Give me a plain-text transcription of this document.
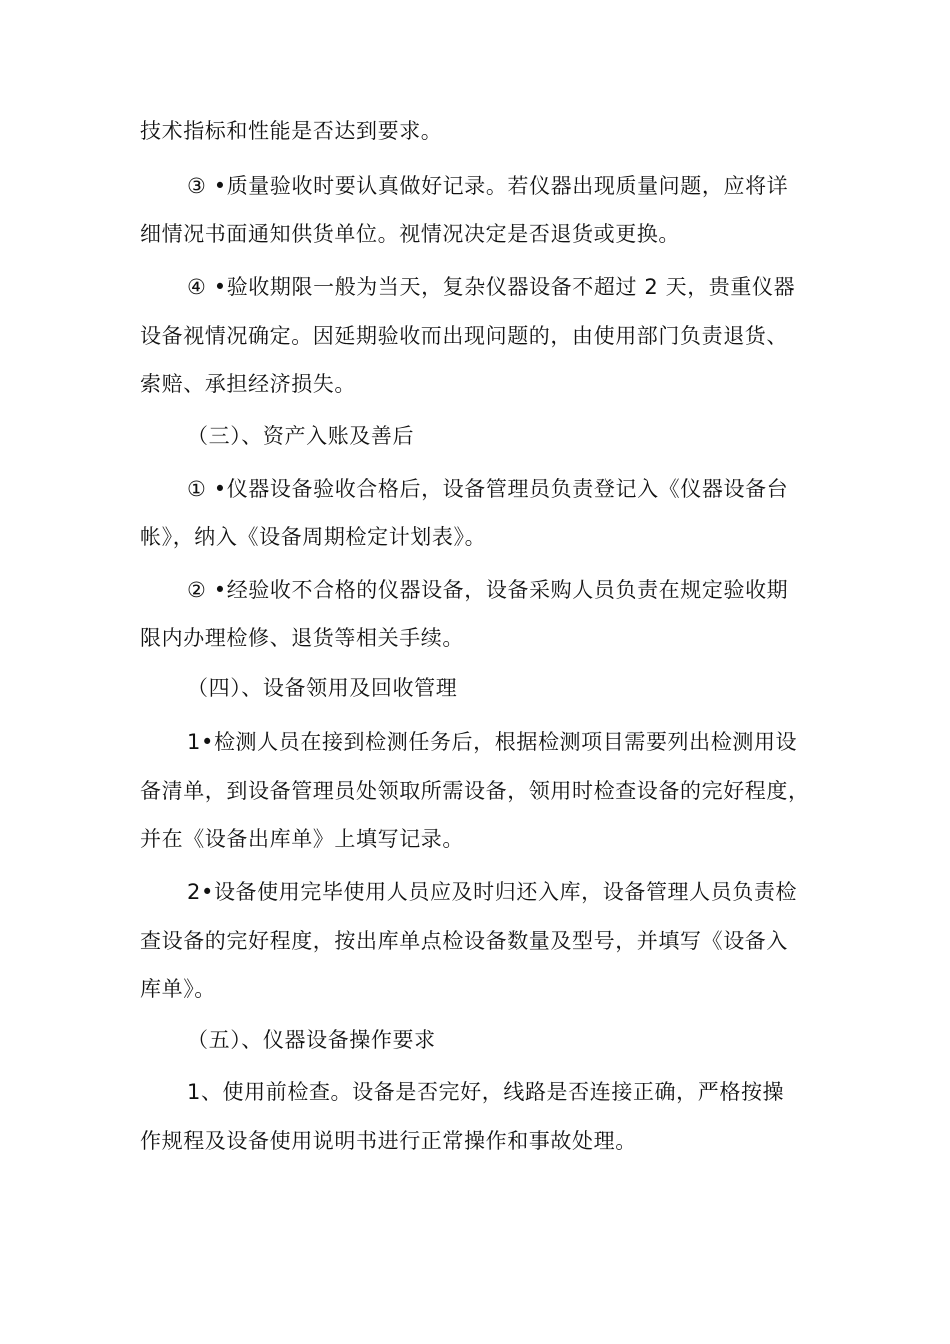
技术指标和性能是否达到要求。
③ •质量验收时要认真做好记录。若仪器出现质量问题，应将详
细情况书面通知供货单位。视情况决定是否退货或更换。
④ •验收期限一般为当天，复杂仪器设备不超过 2 天，贵重仪器
设备视情况确定。因延期验收而出现问题的，由使用部门负责退货、
索赔、承担经济损失。
（三）、资产入账及善后
① •仪器设备验收合格后，设备管理员负责登记入《仪器设备台
帐》，纳入《设备周期检定计划表》。
② •经验收不合格的仪器设备，设备采购人员负责在规定验收期
限内办理检修、退货等相关手续。
（四）、设备领用及回收管理
1•检测人员在接到检测任务后，根据检测项目需要列出检测用设
备清单，到设备管理员处领取所需设备，领用时检查设备的完好程度，
并在《设备出库单》上填写记录。
2•设备使用完毕使用人员应及时归还入库，设备管理人员负责检
查设备的完好程度，按出库单点检设备数量及型号，并填写《设备入
库单》。
（五）、仪器设备操作要求
1、使用前检查。设备是否完好，线路是否连接正确，严格按操
作规程及设备使用说明书进行正常操作和事故处理。
